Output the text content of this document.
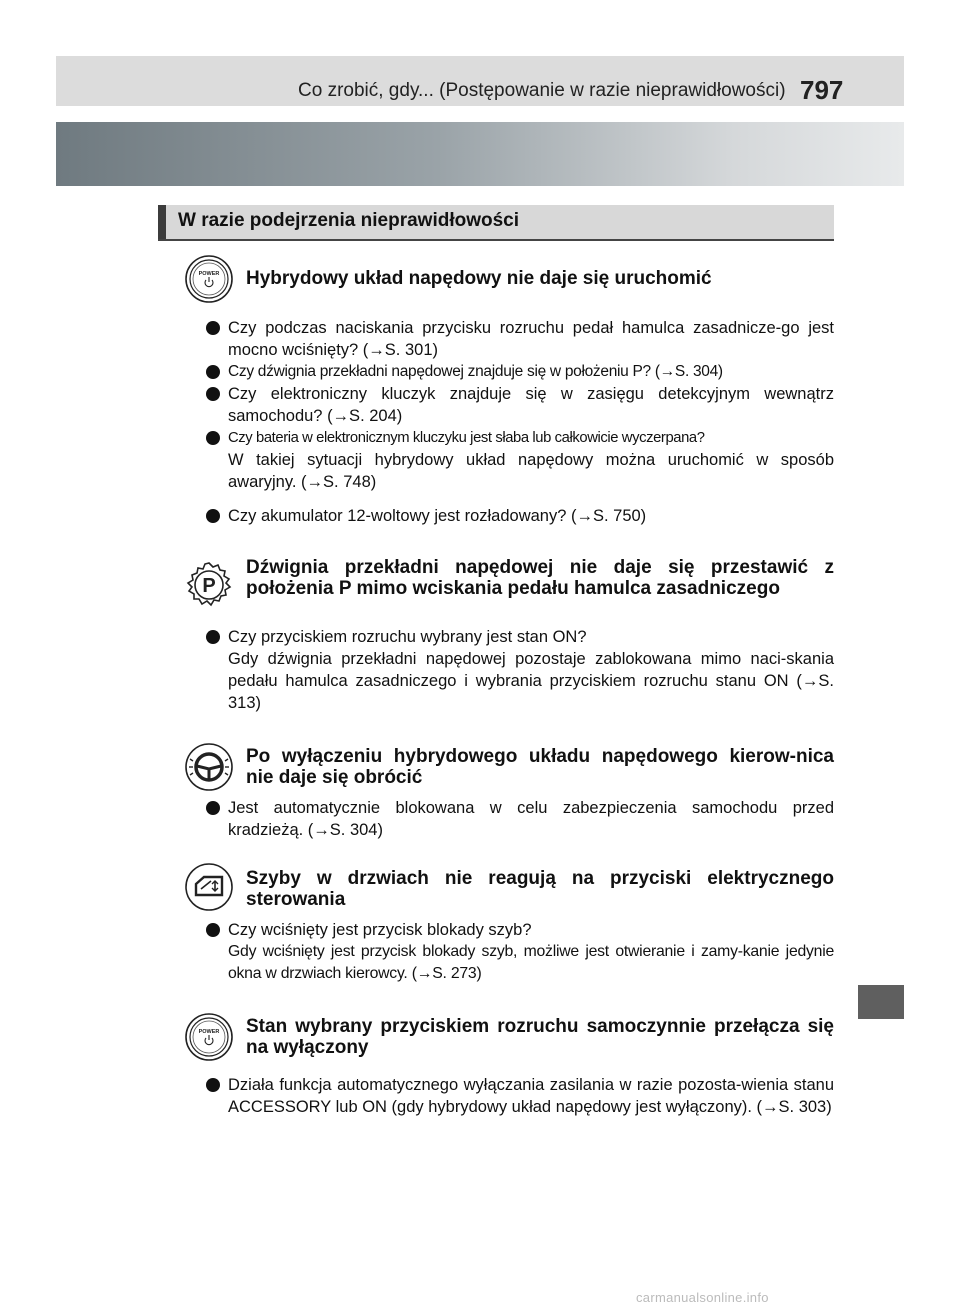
Co zrobić, gdy... (Postępowanie w razie nieprawidłowości) 797
W razie podejrzenia nieprawidłowości
POWER Hybrydowy układ napędowy nie daje się uruchomić
Czy podczas naciskania przycisku rozruchu pedał hamulca zasadnicze-go jest mocno wciśnięty? (→S. 301)
Czy dźwignia przekładni napędowej znajduje się w położeniu P? (→S. 304)
Czy elektroniczny kluczyk znajduje się w zasięgu detekcyjnym wewnątrz samochodu? (→S. 204)
Czy bateria w elektronicznym kluczyku jest słaba lub całkowicie wyczerpana?
W takiej sytuacji hybrydowy układ napędowy można uruchomić w sposób awaryjny. (→S. 748)
Czy akumulator 12-woltowy jest rozładowany? (→S. 750)
P
Dźwignia przekładni napędowej nie daje się przestawić z położenia P mimo wciskania pedału hamulca zasadniczego
Czy przyciskiem rozruchu wybrany jest stan ON?
Gdy dźwignia przekładni napędowej pozostaje zablokowana mimo naci-skania pedału hamulca zasadniczego i wybrania przyciskiem rozruchu stanu ON (→S. 313)
Po wyłączeniu hybrydowego układu napędowego kierow-nica nie daje się obrócić
Jest automatycznie blokowana w celu zabezpieczenia samochodu przed kradzieżą. (→S. 304)
Szyby w drzwiach nie reagują na przyciski elektrycznego sterowania
Czy wciśnięty jest przycisk blokady szyb?
Gdy wciśnięty jest przycisk blokady szyb, możliwe jest otwieranie i zamy-kanie jedynie okna w drzwiach kierowcy. (→S. 273)
POWER Stan wybrany przyciskiem rozruchu samoczynnie przełącza się na wyłączony
Działa funkcja automatycznego wyłączania zasilania w razie pozosta-wienia stanu ACCESSORY lub ON (gdy hybrydowy układ napędowy jest wyłączony). (→S. 303)
carmanualsonline.info
